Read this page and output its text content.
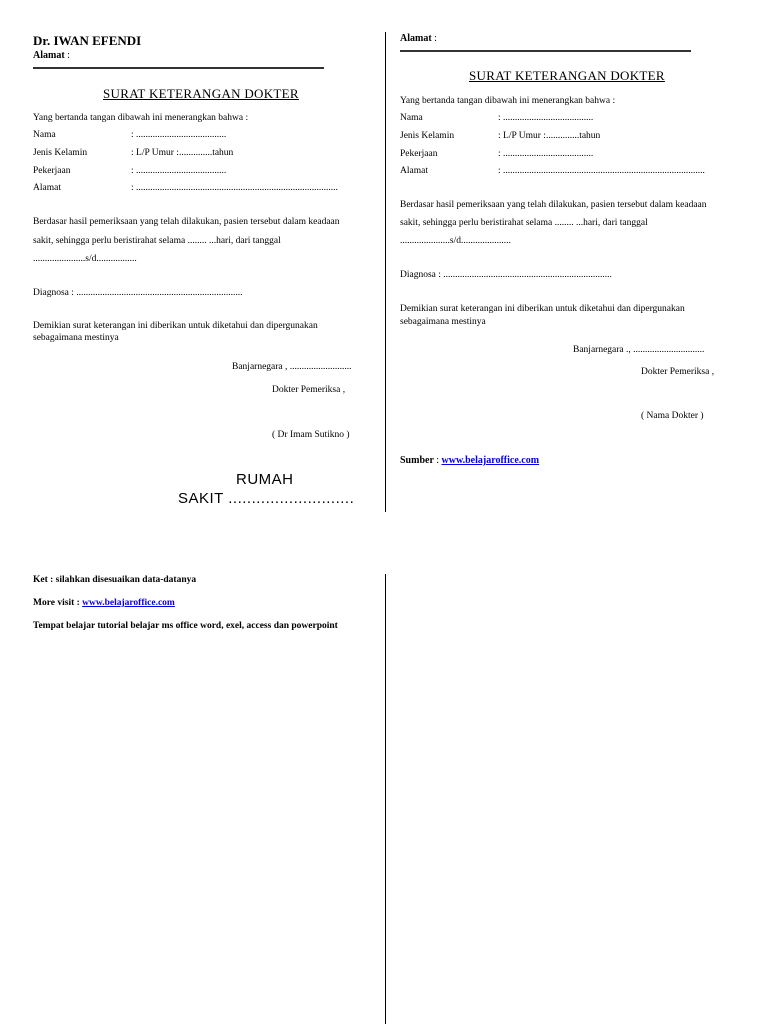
Dr. IWAN EFENDI
Alamat :
SURAT KETERANGAN DOKTER
Yang bertanda tangan dibawah ini menerangkan bahwa :
Nama	: ......................................
Jenis Kelamin	: L/P Umur :..............tahun
Pekerjaan	: ......................................
Alamat	: .....................................................................................
Berdasar hasil pemeriksaan yang telah dilakukan, pasien tersebut dalam keadaan
sakit, sehingga perlu beristirahat selama ........ ...hari, dari tanggal
......................s/d.................
Diagnosa : ......................................................................
Demikian surat keterangan ini diberikan untuk diketahui dan dipergunakan
sebagaimana mestinya
Banjarnegara , ..........................
Dokter Pemeriksa ,
( Dr Imam Sutikno )
RUMAH
SAKIT ...........................
Alamat :
SURAT KETERANGAN DOKTER
Yang bertanda tangan dibawah ini menerangkan bahwa :
Nama	: ......................................
Jenis Kelamin	: L/P Umur :..............tahun
Pekerjaan	: ......................................
Alamat	: .....................................................................................
Berdasar hasil pemeriksaan yang telah dilakukan, pasien tersebut dalam keadaan
sakit, sehingga perlu beristirahat selama ........ ...hari, dari tanggal
.....................s/d.....................
Diagnosa : .......................................................................
Demikian surat keterangan ini diberikan untuk diketahui dan dipergunakan
sebagaimana mestinya
Banjarnegara ., ..............................
Dokter Pemeriksa ,
( Nama Dokter )
Sumber : www.belajaroffice.com
Ket : silahkan disesuaikan data-datanya
More visit : www.belajaroffice.com
Tempat belajar tutorial belajar ms office word, exel, access dan powerpoint
